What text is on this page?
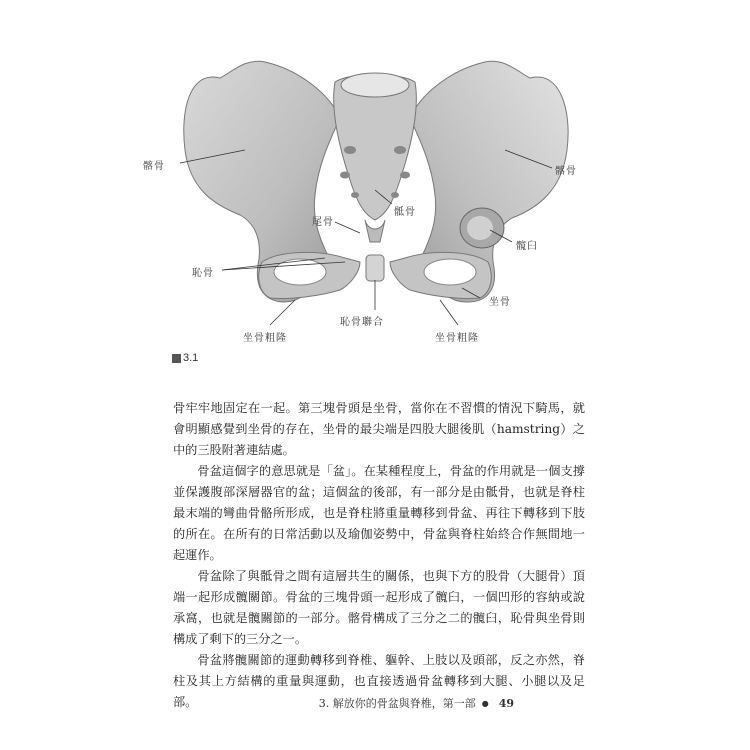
髂骨	髂骨
骶骨
尾骨
恥骨
髖臼
坐骨
恥骨聯合
坐骨粗隆	坐骨粗隆
3.1

骨牢牢地固定在一起。第三塊骨頭是坐骨，當你在不習慣的情況下騎馬，就會明顯感覺到坐骨的存在，坐骨的最尖端是四股大腿後肌（hamstring）之中的三股附著連結處。

骨盆這個字的意思就是「盆」。在某種程度上，骨盆的作用就是一個支撐並保護腹部深層器官的盆；這個盆的後部，有一部分是由骶骨，也就是脊柱最末端的彎曲骨骼所形成，也是脊柱將重量轉移到骨盆、再往下轉移到下肢的所在。在所有的日常活動以及瑜伽姿勢中，骨盆與脊柱始終合作無間地一起運作。

骨盆除了與骶骨之間有這層共生的關係，也與下方的股骨（大腿骨）頂端一起形成髖關節。骨盆的三塊骨頭一起形成了髖臼，一個凹形的容納或說承窩，也就是髖關節的一部分。髂骨構成了三分之二的髖臼，恥骨與坐骨則構成了剩下的三分之一。

骨盆將髖關節的運動轉移到脊椎、軀幹、上肢以及頭部，反之亦然，脊柱及其上方結構的重量與運動，也直接透過骨盆轉移到大腿、小腿以及足部。	3. 解放你的骨盆與脊椎，第一部 ● 49
